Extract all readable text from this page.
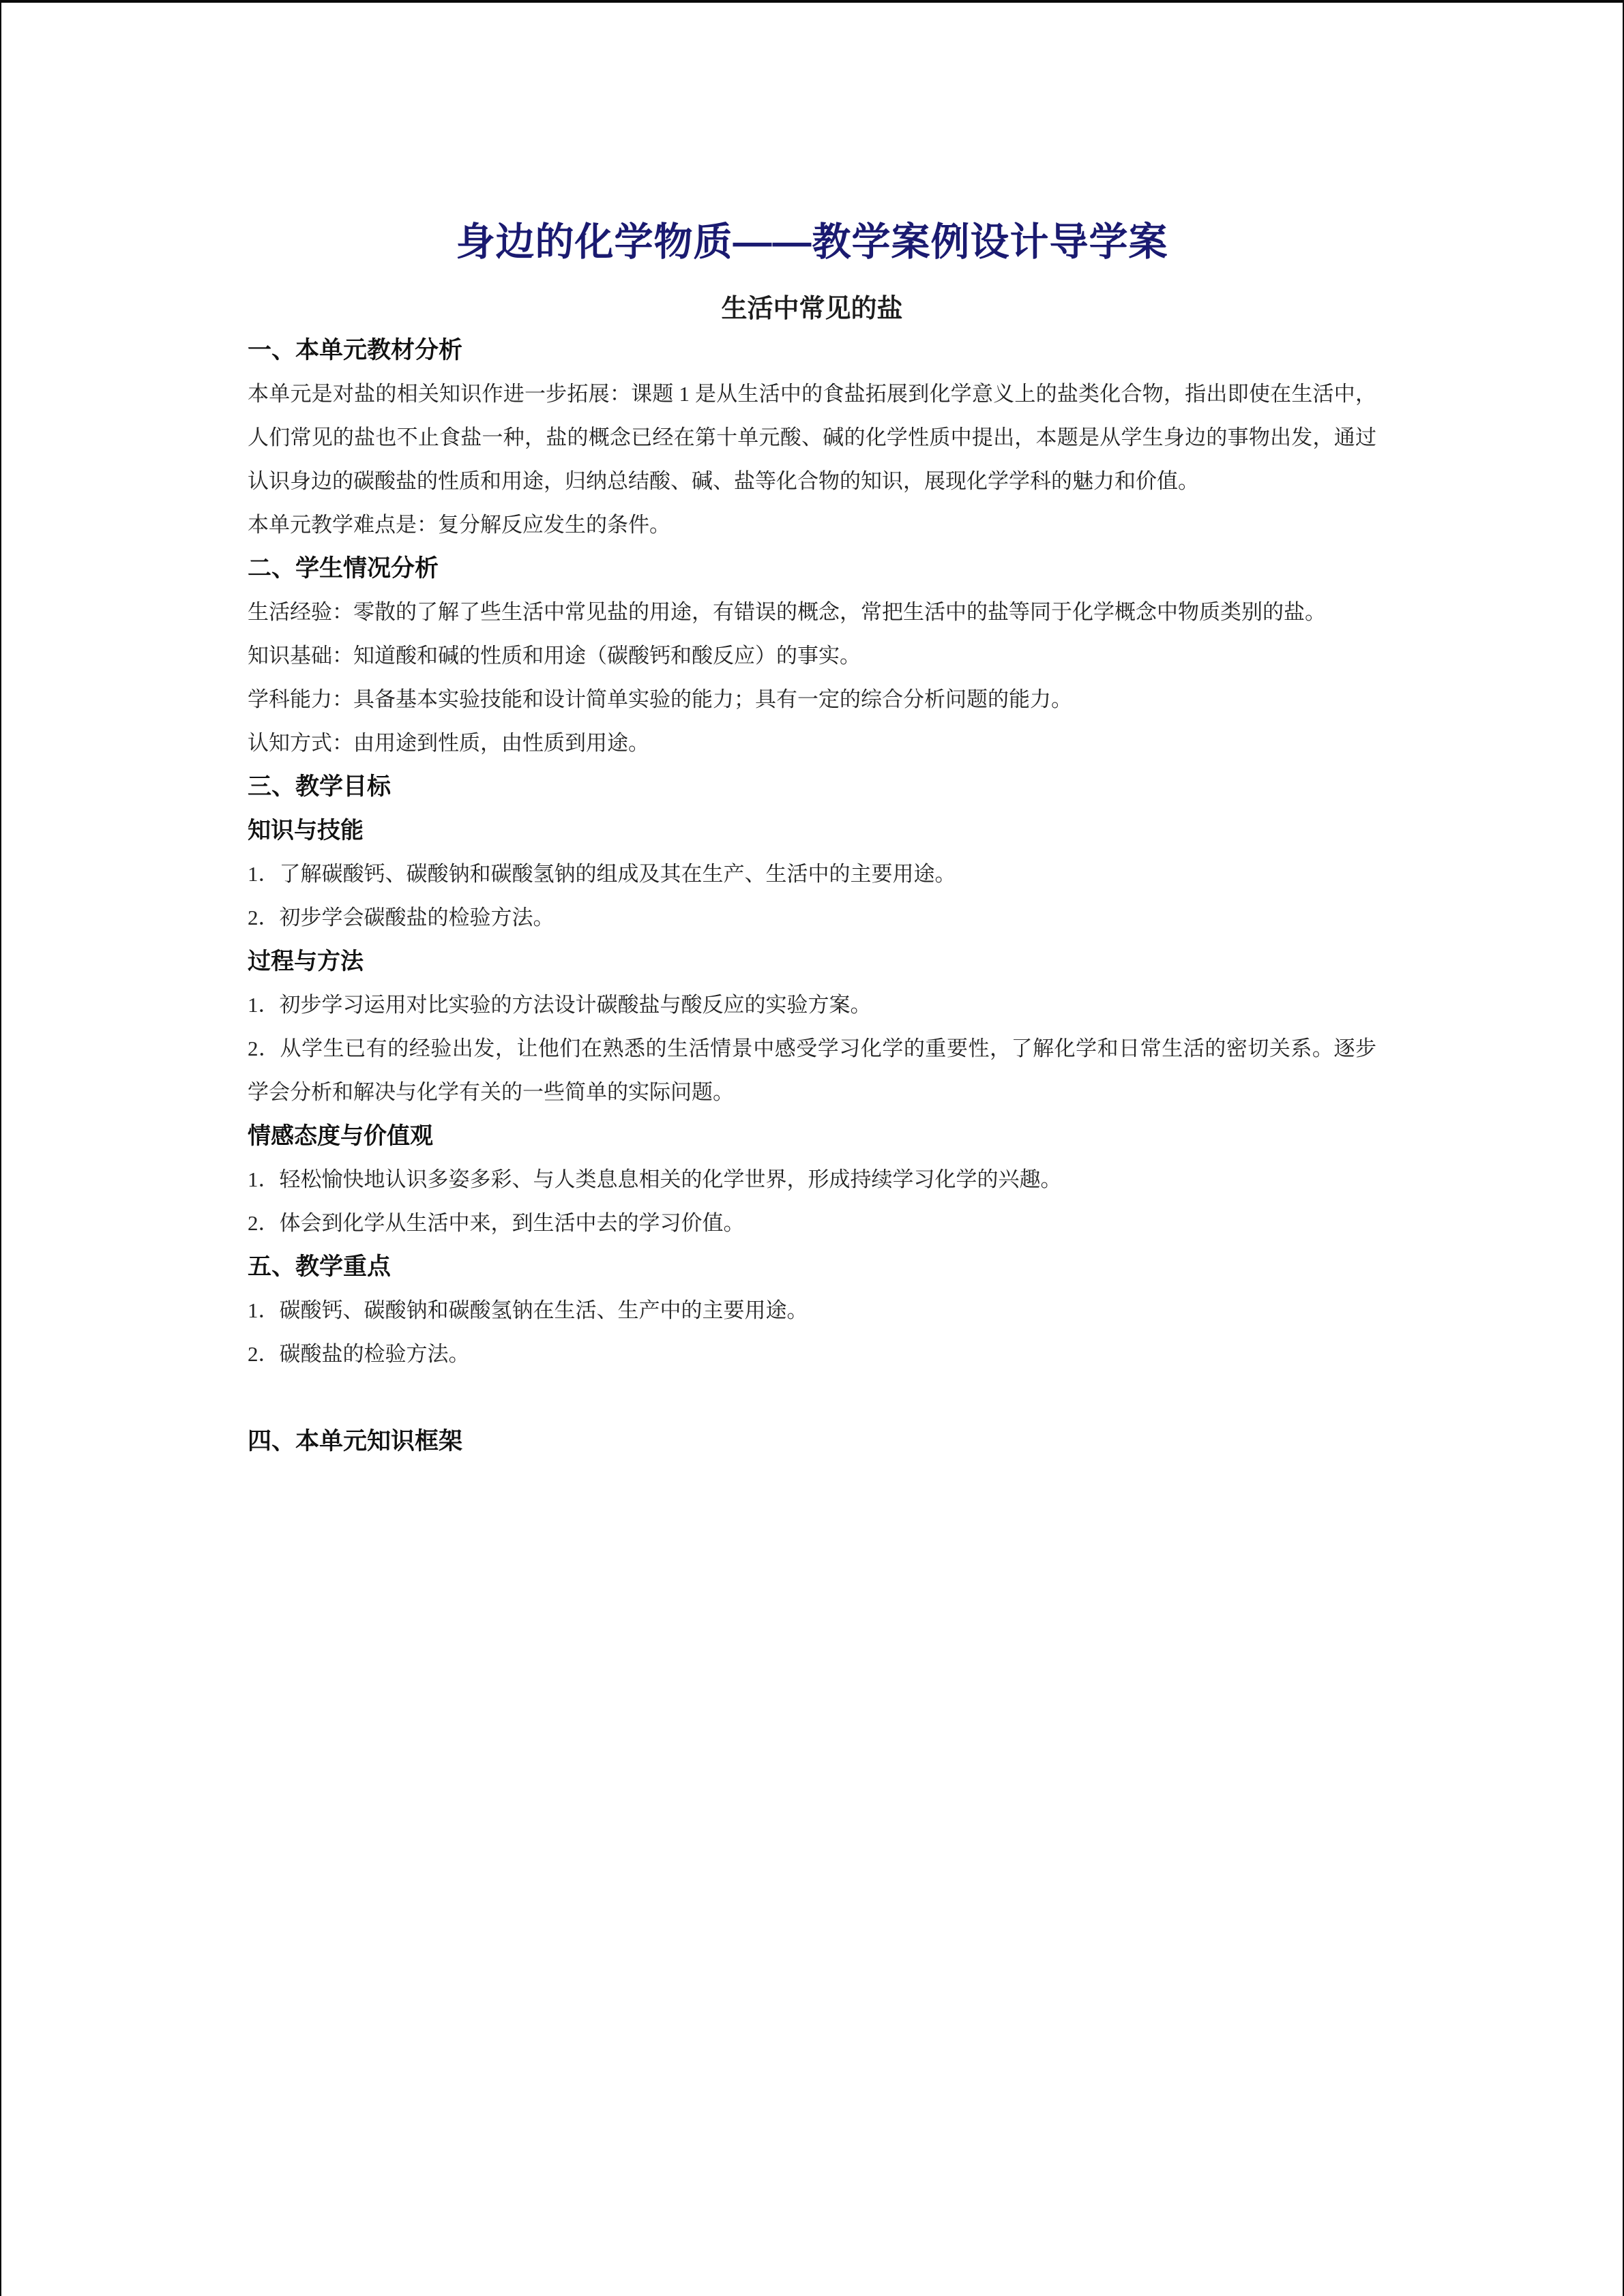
身边的化学物质——教学案例设计导学案
生活中常见的盐

一、本单元教材分析

本单元是对盐的相关知识作进一步拓展：课题 1 是从生活中的食盐拓展到化学意义上的盐类化合物，指出即使在生活中，人们常见的盐也不止食盐一种，盐的概念已经在第十单元酸、碱的化学性质中提出，本题是从学生身边的事物出发，通过认识身边的碳酸盐的性质和用途，归纳总结酸、碱、盐等化合物的知识，展现化学学科的魅力和价值。

本单元教学难点是：复分解反应发生的条件。

二、学生情况分析

生活经验：零散的了解了些生活中常见盐的用途，有错误的概念，常把生活中的盐等同于化学概念中物质类别的盐。

知识基础：知道酸和碱的性质和用途（碳酸钙和酸反应）的事实。

学科能力：具备基本实验技能和设计简单实验的能力；具有一定的综合分析问题的能力。

认知方式：由用途到性质，由性质到用途。

三、教学目标

知识与技能

1．了解碳酸钙、碳酸钠和碳酸氢钠的组成及其在生产、生活中的主要用途。

2．初步学会碳酸盐的检验方法。

过程与方法

1．初步学习运用对比实验的方法设计碳酸盐与酸反应的实验方案。

2．从学生已有的经验出发，让他们在熟悉的生活情景中感受学习化学的重要性，了解化学和日常生活的密切关系。逐步学会分析和解决与化学有关的一些简单的实际问题。

情感态度与价值观

1．轻松愉快地认识多姿多彩、与人类息息相关的化学世界，形成持续学习化学的兴趣。

2．体会到化学从生活中来，到生活中去的学习价值。

五、教学重点

1．碳酸钙、碳酸钠和碳酸氢钠在生活、生产中的主要用途。

2．碳酸盐的检验方法。

四、本单元知识框架
